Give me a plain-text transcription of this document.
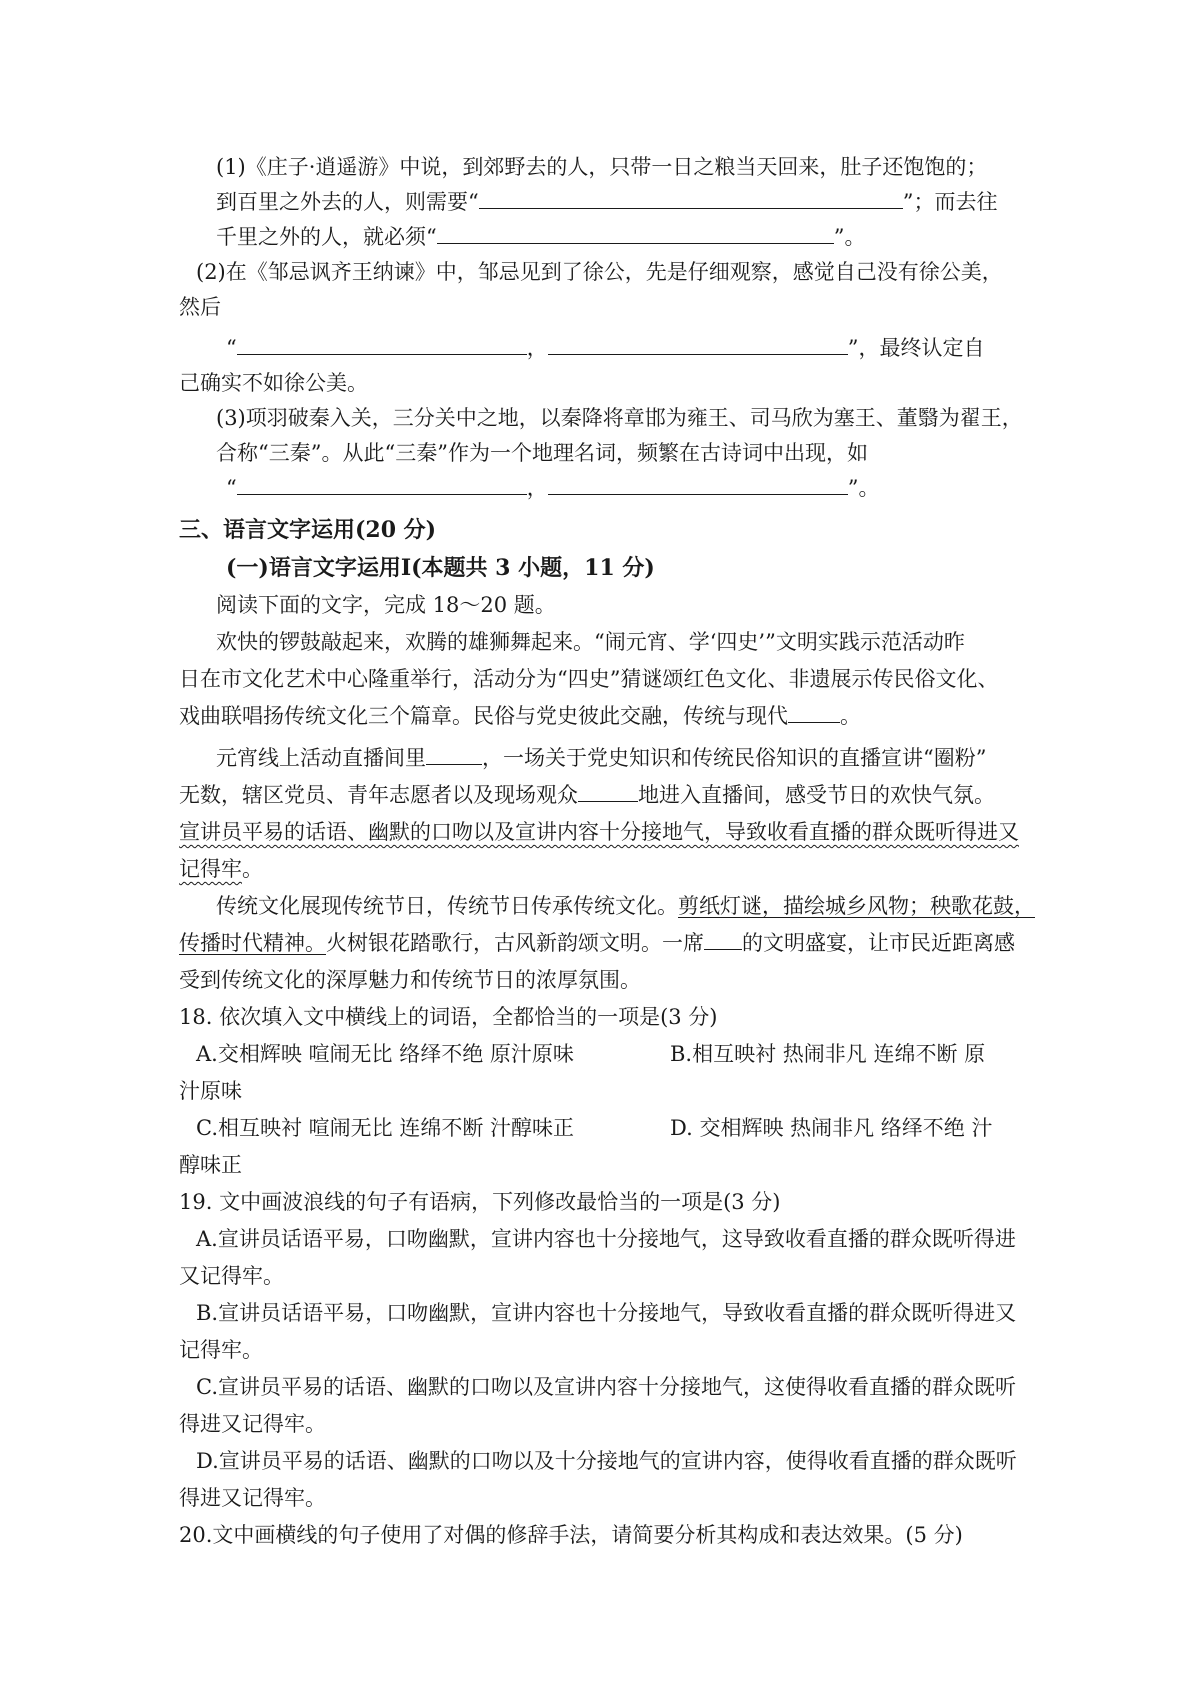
(1)《庄子·逍遥游》中说，到郊野去的人，只带一日之粮当天回来，肚子还饱饱的；
到百里之外去的人，则需要“	”；而去往
千里之外的人，就必须“	”。
(2)在《邹忌讽齐王纳谏》中，邹忌见到了徐公，先是仔细观察，感觉自己没有徐公美，
然后
“	，	”，最终认定自
己确实不如徐公美。
(3)项羽破秦入关，三分关中之地，以秦降将章邯为雍王、司马欣为塞王、董翳为翟王，
合称“三秦”。从此“三秦”作为一个地理名词，频繁在古诗词中出现，如
“	，	”。
三、语言文字运用(20 分)
(一)语言文字运用Ⅰ(本题共 3 小题，11 分)
阅读下面的文字，完成 18～20 题。
欢快的锣鼓敲起来，欢腾的雄狮舞起来。“闹元宵、学‘四史’”文明实践示范活动昨
日在市文化艺术中心隆重举行，活动分为“四史”猜谜颂红色文化、非遗展示传民俗文化、
戏曲联唱扬传统文化三个篇章。民俗与党史彼此交融，传统与现代 。
元宵线上活动直播间里	，一场关于党史知识和传统民俗知识的直播宣讲“圈粉”
无数，辖区党员、青年志愿者以及现场观众	地进入直播间，感受节日的欢快气氛。
宣讲员平易的话语、幽默的口吻以及宣讲内容十分接地气，导致收看直播的群众既听得进又
记得牢。
传统文化展现传统节日，传统节日传承传统文化。剪纸灯谜，描绘城乡风物；秧歌花鼓，
传播时代精神。火树银花踏歌行，古风新韵颂文明。一席 的文明盛宴，让市民近距离感
受到传统文化的深厚魅力和传统节日的浓厚氛围。
18. 依次填入文中横线上的词语，全都恰当的一项是(3 分)
A.交相辉映 喧闹无比 络绎不绝 原汁原味	B.相互映衬 热闹非凡 连绵不断 原
汁原味
C.相互映衬 喧闹无比 连绵不断 汁醇味正	D. 交相辉映 热闹非凡 络绎不绝 汁
醇味正
19. 文中画波浪线的句子有语病，下列修改最恰当的一项是(3 分)
A.宣讲员话语平易，口吻幽默，宣讲内容也十分接地气，这导致收看直播的群众既听得进
又记得牢。
B.宣讲员话语平易，口吻幽默，宣讲内容也十分接地气，导致收看直播的群众既听得进又
记得牢。
C.宣讲员平易的话语、幽默的口吻以及宣讲内容十分接地气，这使得收看直播的群众既听
得进又记得牢。
D.宣讲员平易的话语、幽默的口吻以及十分接地气的宣讲内容，使得收看直播的群众既听
得进又记得牢。
20.文中画横线的句子使用了对偶的修辞手法，请简要分析其构成和表达效果。(5 分)
